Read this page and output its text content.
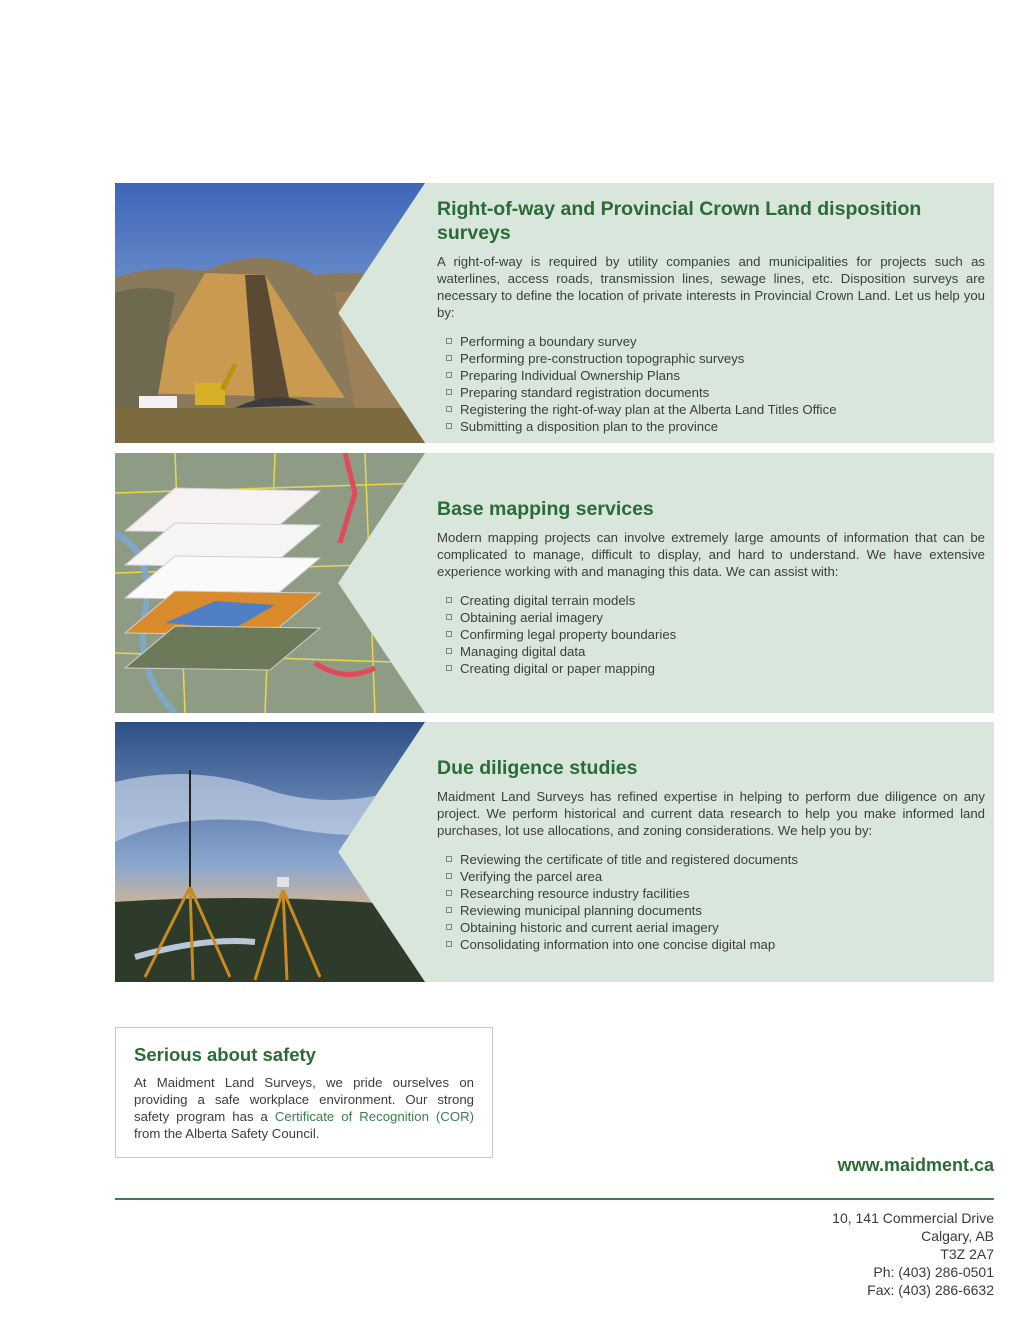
Right-of-way and Provincial Crown Land disposition surveys

A right-of-way is required by utility companies and municipalities for projects such as waterlines, access roads, transmission lines, sewage lines, etc. Disposition surveys are necessary to define the location of private interests in Provincial Crown Land. Let us help you by:

Performing a boundary survey
Performing pre-construction topographic surveys
Preparing Individual Ownership Plans
Preparing standard registration documents
Registering the right-of-way plan at the Alberta Land Titles Office
Submitting a disposition plan to the province
Base mapping services

Modern mapping projects can involve extremely large amounts of information that can be complicated to manage, difficult to display, and hard to understand. We have extensive experience working with and managing this data. We can assist with:

Creating digital terrain models
Obtaining aerial imagery
Confirming legal property boundaries
Managing digital data
Creating digital or paper mapping
Due diligence studies

Maidment Land Surveys has refined expertise in helping to perform due diligence on any project. We perform historical and current data research to help you make informed land purchases, lot use allocations, and zoning considerations. We help you by:

Reviewing the certificate of title and registered documents
Verifying the parcel area
Researching resource industry facilities
Reviewing municipal planning documents
Obtaining historic and current aerial imagery
Consolidating information into one concise digital map
Serious about safety

At Maidment Land Surveys, we pride ourselves on providing a safe workplace environment. Our strong safety program has a Certificate of Recognition (COR) from the Alberta Safety Council.

www.maidment.ca
10, 141 Commercial Drive
Calgary, AB
T3Z 2A7
Ph: (403) 286-0501
Fax: (403) 286-6632
